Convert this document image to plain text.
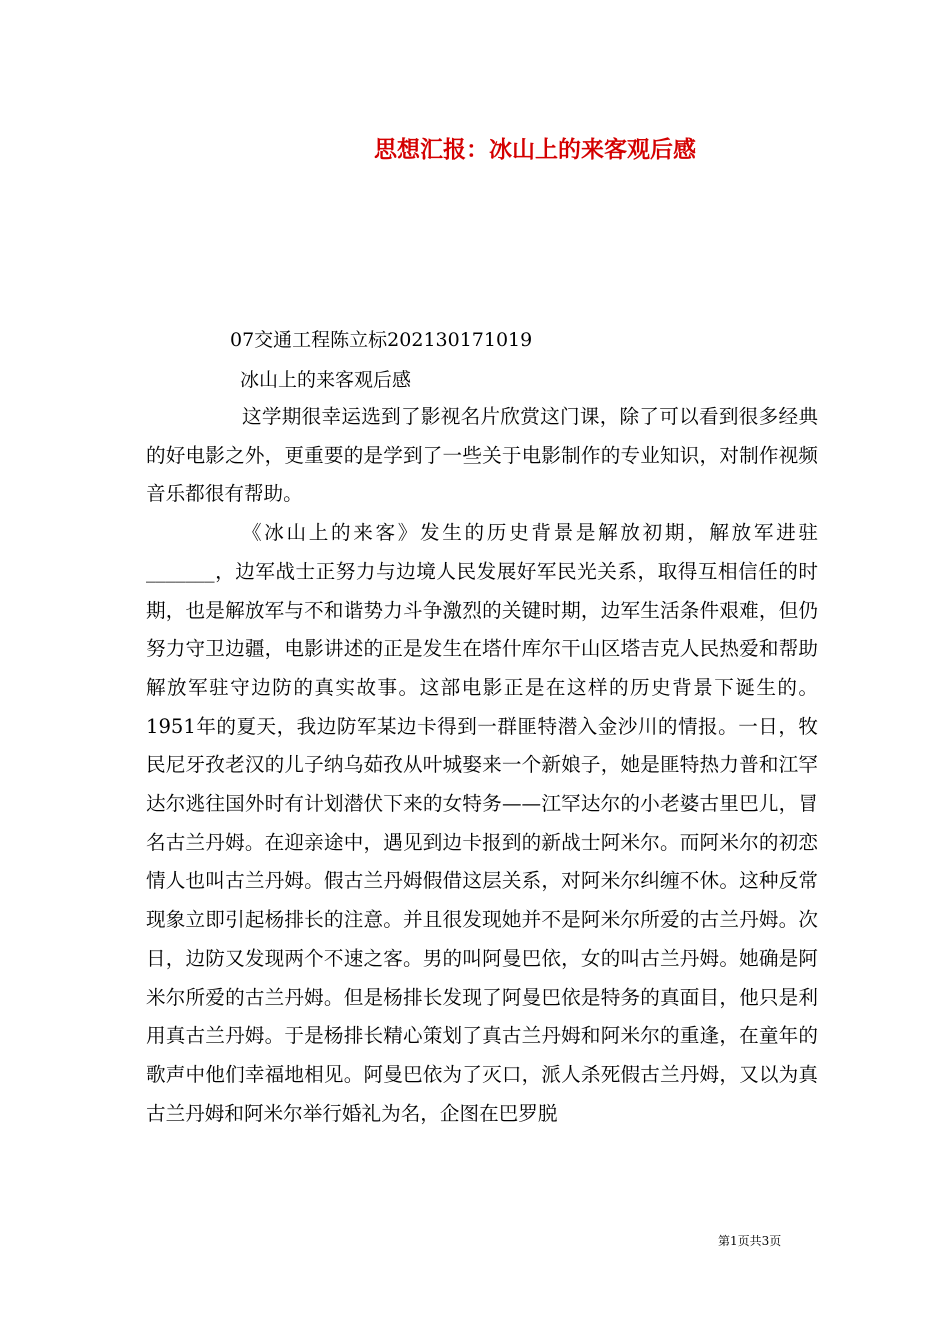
思想汇报：冰山上的来客观后感
07交通工程陈立标202130171019
冰山上的来客观后感

这学期很幸运选到了影视名片欣赏这门课，除了可以看到很多经典的好电影之外，更重要的是学到了一些关于电影制作的专业知识，对制作视频音乐都很有帮助。

《冰山上的来客》发生的历史背景是解放初期，解放军进驻_______，边军战士正努力与边境人民发展好军民光关系，取得互相信任的时期，也是解放军与不和谐势力斗争激烈的关键时期，边军生活条件艰难，但仍努力守卫边疆，电影讲述的正是发生在塔什库尔干山区塔吉克人民热爱和帮助解放军驻守边防的真实故事。这部电影正是在这样的历史背景下诞生的。1951年的夏天，我边防军某边卡得到一群匪特潜入金沙川的情报。一日，牧民尼牙孜老汉的儿子纳乌茹孜从叶城娶来一个新娘子，她是匪特热力普和江罕达尔逃往国外时有计划潜伏下来的女特务——江罕达尔的小老婆古里巴儿，冒名古兰丹姆。在迎亲途中，遇见到边卡报到的新战士阿米尔。而阿米尔的初恋情人也叫古兰丹姆。假古兰丹姆假借这层关系，对阿米尔纠缠不休。这种反常现象立即引起杨排长的注意。并且很发现她并不是阿米尔所爱的古兰丹姆。次日，边防又发现两个不速之客。男的叫阿曼巴依，女的叫古兰丹姆。她确是阿米尔所爱的古兰丹姆。但是杨排长发现了阿曼巴依是特务的真面目，他只是利用真古兰丹姆。于是杨排长精心策划了真古兰丹姆和阿米尔的重逢，在童年的歌声中他们幸福地相见。阿曼巴依为了灭口，派人杀死假古兰丹姆，又以为真古兰丹姆和阿米尔举行婚礼为名，企图在巴罗脱

第1页共3页
